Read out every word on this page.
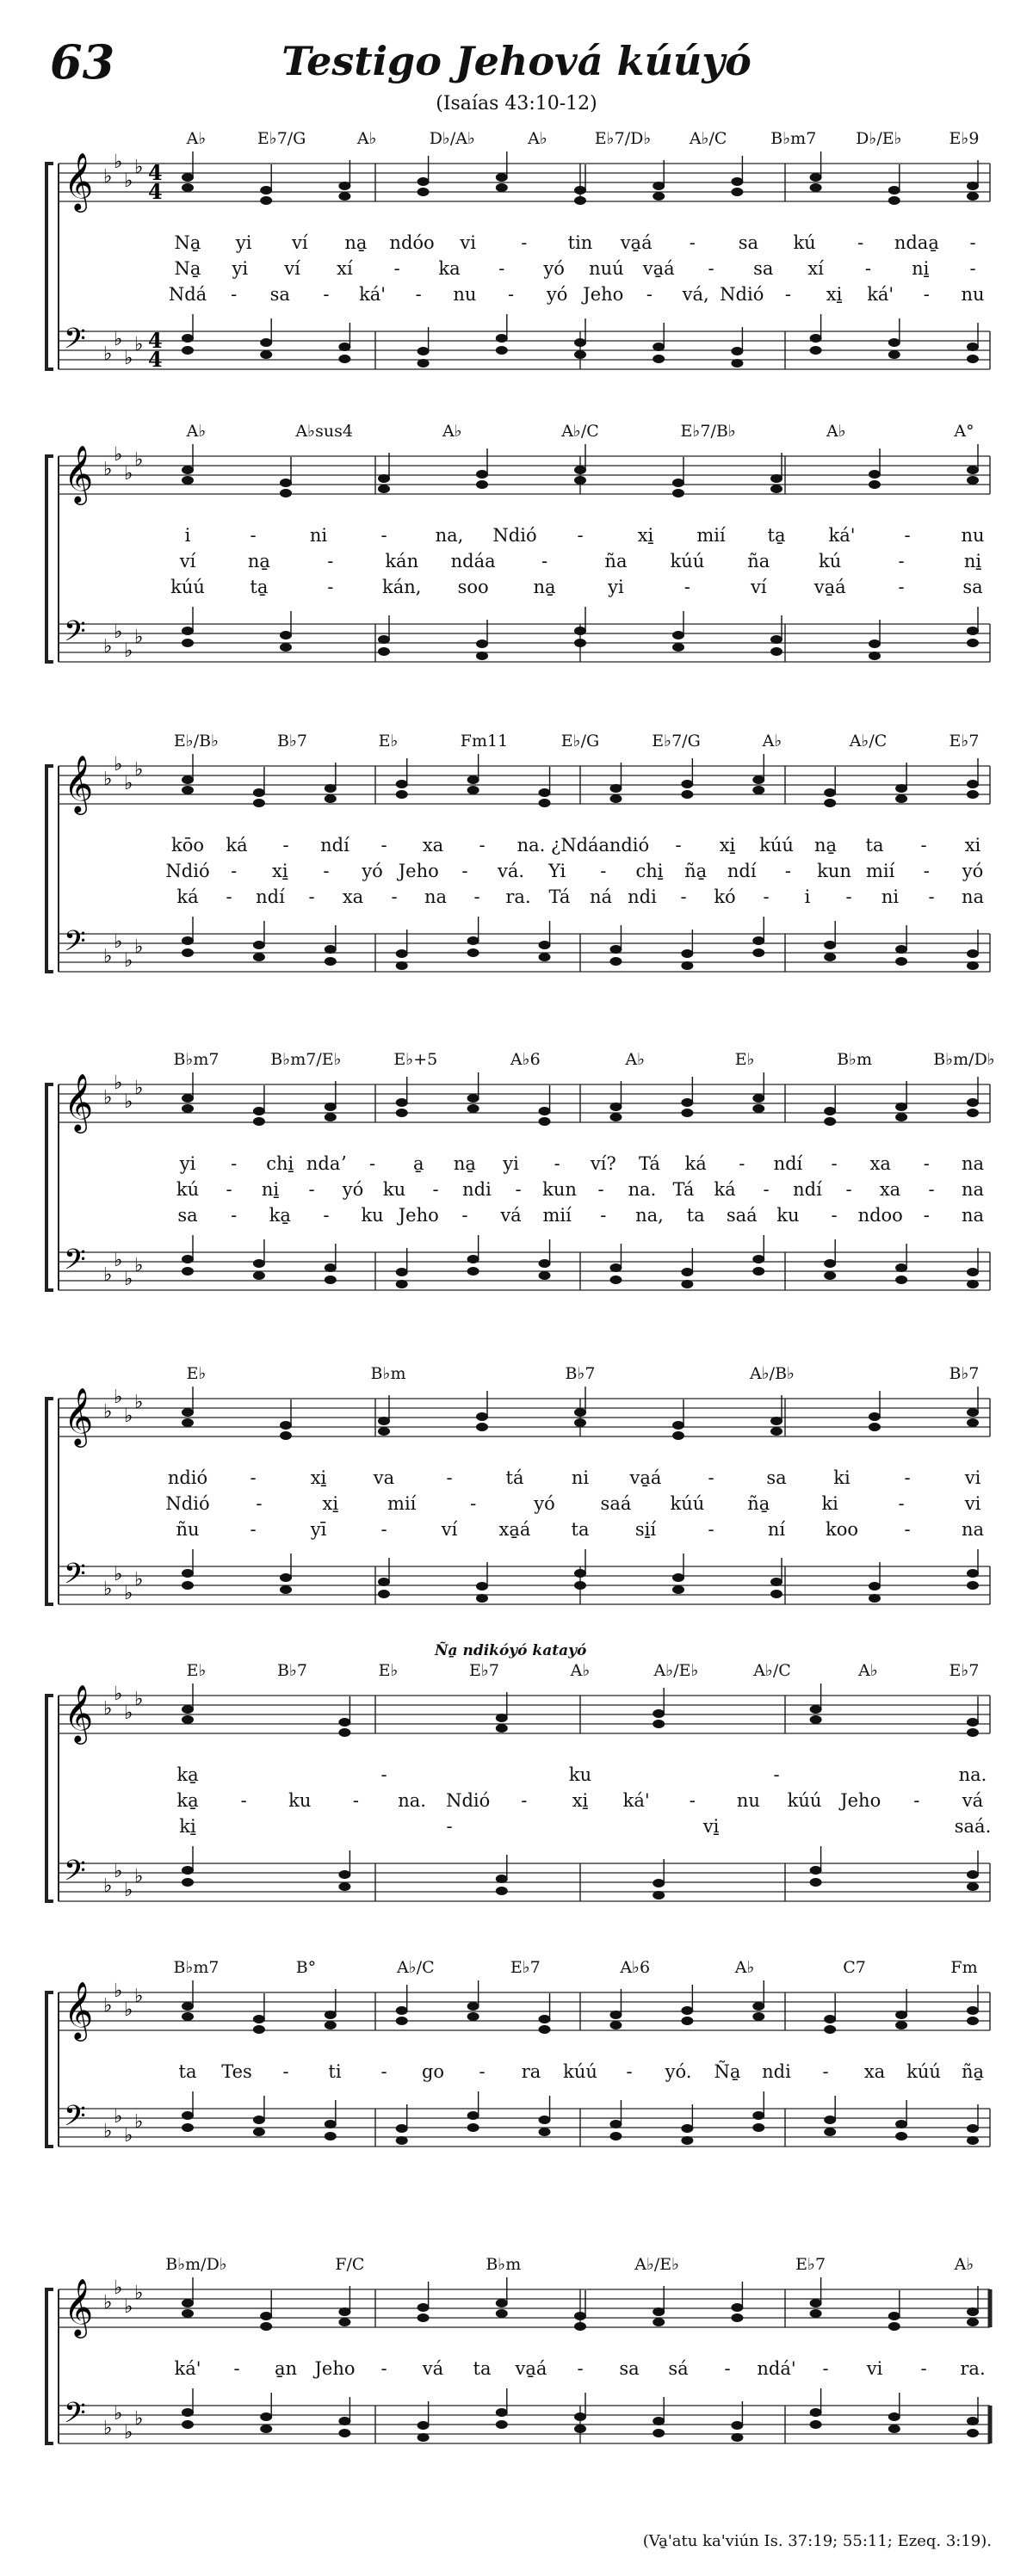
63	Testigo Jehová kúúyó
(Isaías 43:10-12)
𝄞 ♭
♭
♭
♭ 4
4
𝄢 ♭
♭
♭
♭ 4
4
A♭	E♭7/G	A♭	D♭/A♭	A♭	E♭7/D♭ A♭/C	B♭m7 D♭/E♭	E♭9
Na̱ yi ví na̱ ndóo vi - tin va̱á - sa kú - ndaa̱ -
Na̱ yi ví xí - ka - yó nuú va̱á - sa xí - ni̱ -
Ndá - sa - ká' - nu - yó Jeho - vá, Ndió - xi̱ ká' - nu
𝄞 ♭
♭
♭
♭
𝄢 ♭
♭
♭
♭
A♭	A♭sus4	A♭	A♭/C	E♭7/B♭	A♭	A°
i	-	ni	-	na, Ndió -	xi̱ mií ta̱ ká'	-	nu
ví	na̱	-	kán ndáa	-	ña kúú ña	kú	-	ni̱
kúú	ta̱	-	kán, soo na̱	yi	-	ví	va̱á	-	sa
𝄞 ♭
♭
♭
♭
𝄢 ♭
♭
♭
♭
E♭/B♭	B♭7	E♭	Fm11	E♭/G	E♭7/G	A♭	A♭/C	E♭7
kōo ká - ndí - xa - na. ¿Ndáa ndió - xi̱ kúú na̱ ta - xi
Ndió - xi̱ - yó Jeho - vá. Yi - chi̱ ña̱ ndí - kun mií - yó
ká - ndí - xa - na - ra. Tá ná ndi - kó - i - ni - na
𝄞 ♭
♭
♭
♭
𝄢 ♭
♭
♭
♭
B♭m7	B♭m7/E♭	E♭+5	A♭6	A♭	E♭	B♭m	B♭m/D♭
yi - chi̱ ndaʼ - a̱ na̱ yi - ví? Tá ká - ndí - xa - na
kú - ni̱ - yó ku - ndi - kun - na. Tá ká - ndí - xa - na
sa - ka̱ - ku Jeho - vá mií - na, ta saá ku - ndoo - na
𝄞 ♭
♭
♭
♭
𝄢 ♭
♭
♭
♭
E♭	B♭m	B♭7	A♭/B♭	B♭7
ndió -	xi̱	va	-	tá	ni va̱á	-	sa	ki	-	vi
Ndió	-	xi̱	mií	-	yó	saá kúú ña̱	ki	-	vi
ñu	-	yī	-	ví xa̱á ta	si̱í	-	ní koo	-	na
𝄞 ♭
♭
♭
♭
𝄢 ♭
♭
♭
♭
E♭	B♭7	E♭	E♭7	A♭	A♭/E♭	A♭/C	A♭	E♭7
Ña̱ ndikóyó katayó
ka̱	-	ku	-	na.
ka̱ - ku - na. Ndió - xi̱ ká' - nu kúú Jeho - vá
ki̱	-	vi̱	saá.
𝄞 ♭
♭
♭
♭
𝄢 ♭
♭
♭
♭
B♭m7	B°	A♭/C	E♭7	A♭6	A♭	C7	Fm
ta Tes - ti - go - ra kúú - yó. Ña̱ ndi - xa kúú ña̱
𝄞 ♭
♭
♭
♭
𝄢 ♭
♭
♭
♭
B♭m/D♭	F/C	B♭m	A♭/E♭	E♭7	A♭
ká' - a̱n Jeho - vá ta va̱á - sa sá - ndá' - vi - ra.
(Va̱'atu ka'viún Is. 37:19; 55:11; Ezeq. 3:19).
